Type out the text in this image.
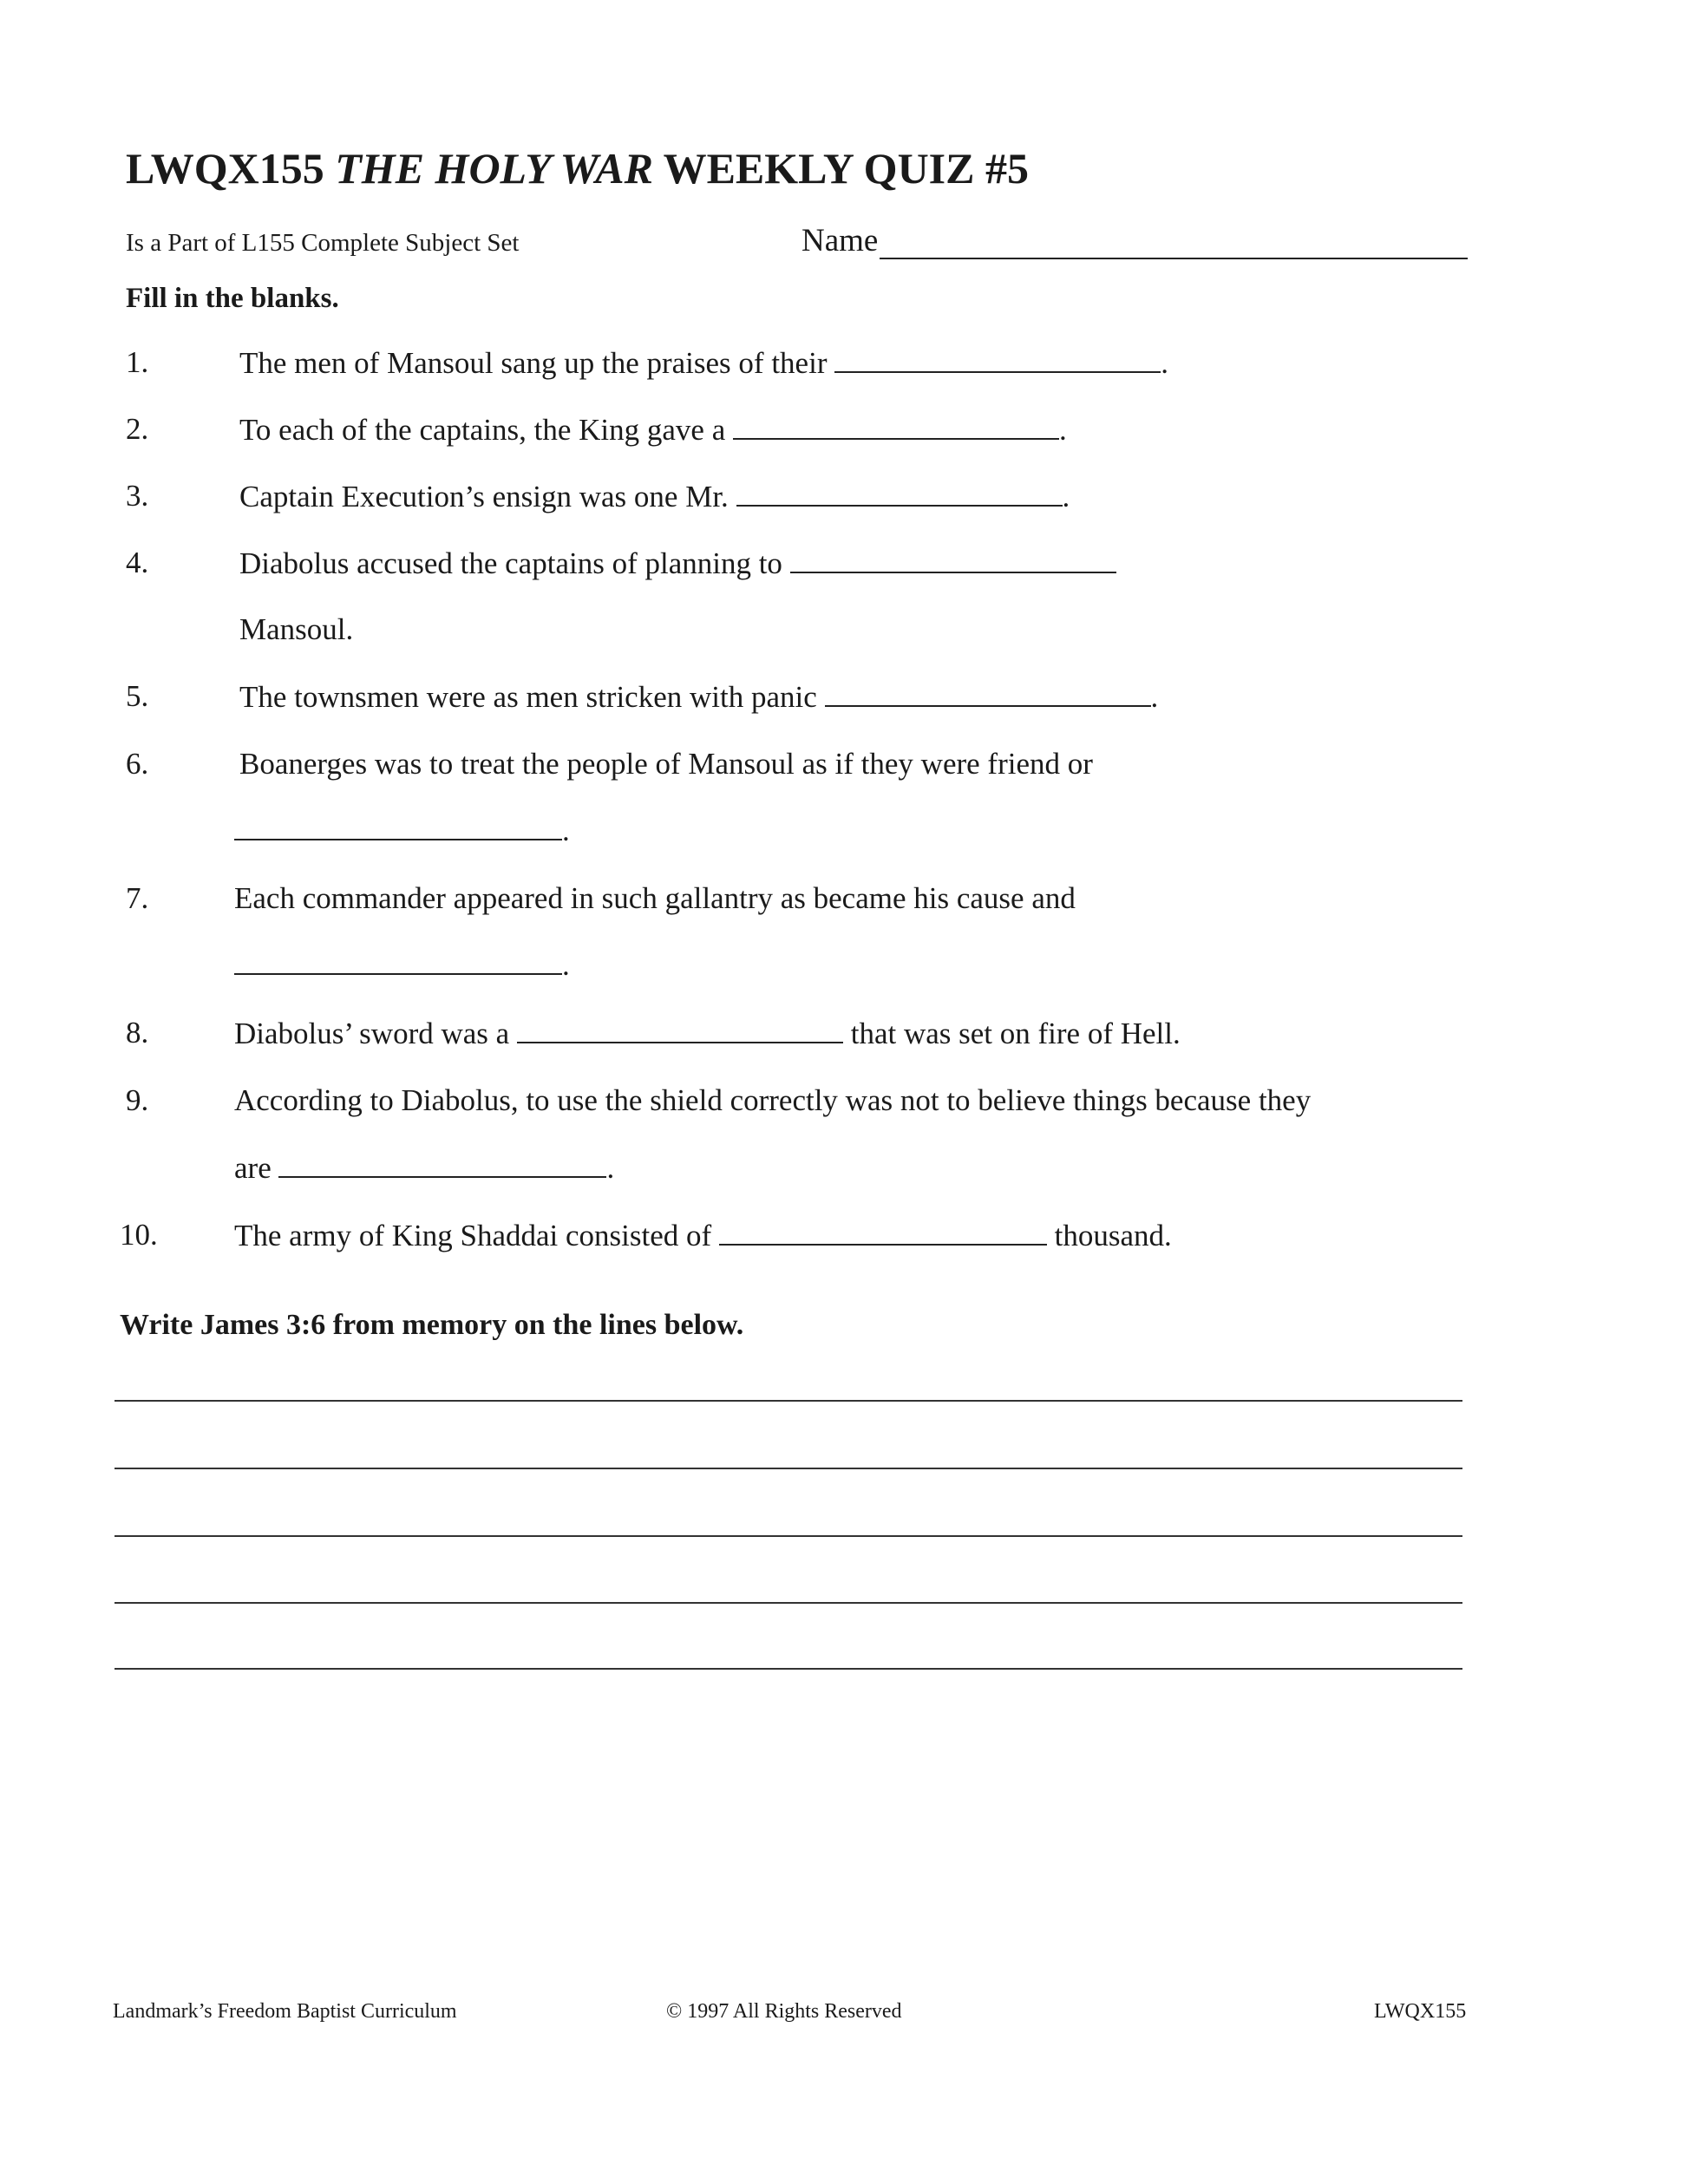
LWQX155 THE HOLY WAR WEEKLY QUIZ #5
Is a Part of L155 Complete Subject Set	Name
Fill in the blanks.
1.	The men of Mansoul sang up the praises of their	.
2.	To each of the captains, the King gave a	.
3.	Captain Execution’s ensign was one Mr.	.
4.	Diabolus accused the captains of planning to
Mansoul.
5.	The townsmen were as men stricken with panic	.
6.	Boanerges was to treat the people of Mansoul as if they were friend or
.
7.	Each commander appeared in such gallantry as became his cause and
.
8.	Diabolus’ sword was a	that was set on fire of Hell.
9.	According to Diabolus, to use the shield correctly was not to believe things because they
are	.
10.	The army of King Shaddai consisted of	thousand.
Write James 3:6 from memory on the lines below.
Landmark’s Freedom Baptist Curriculum	© 1997 All Rights Reserved	LWQX155
